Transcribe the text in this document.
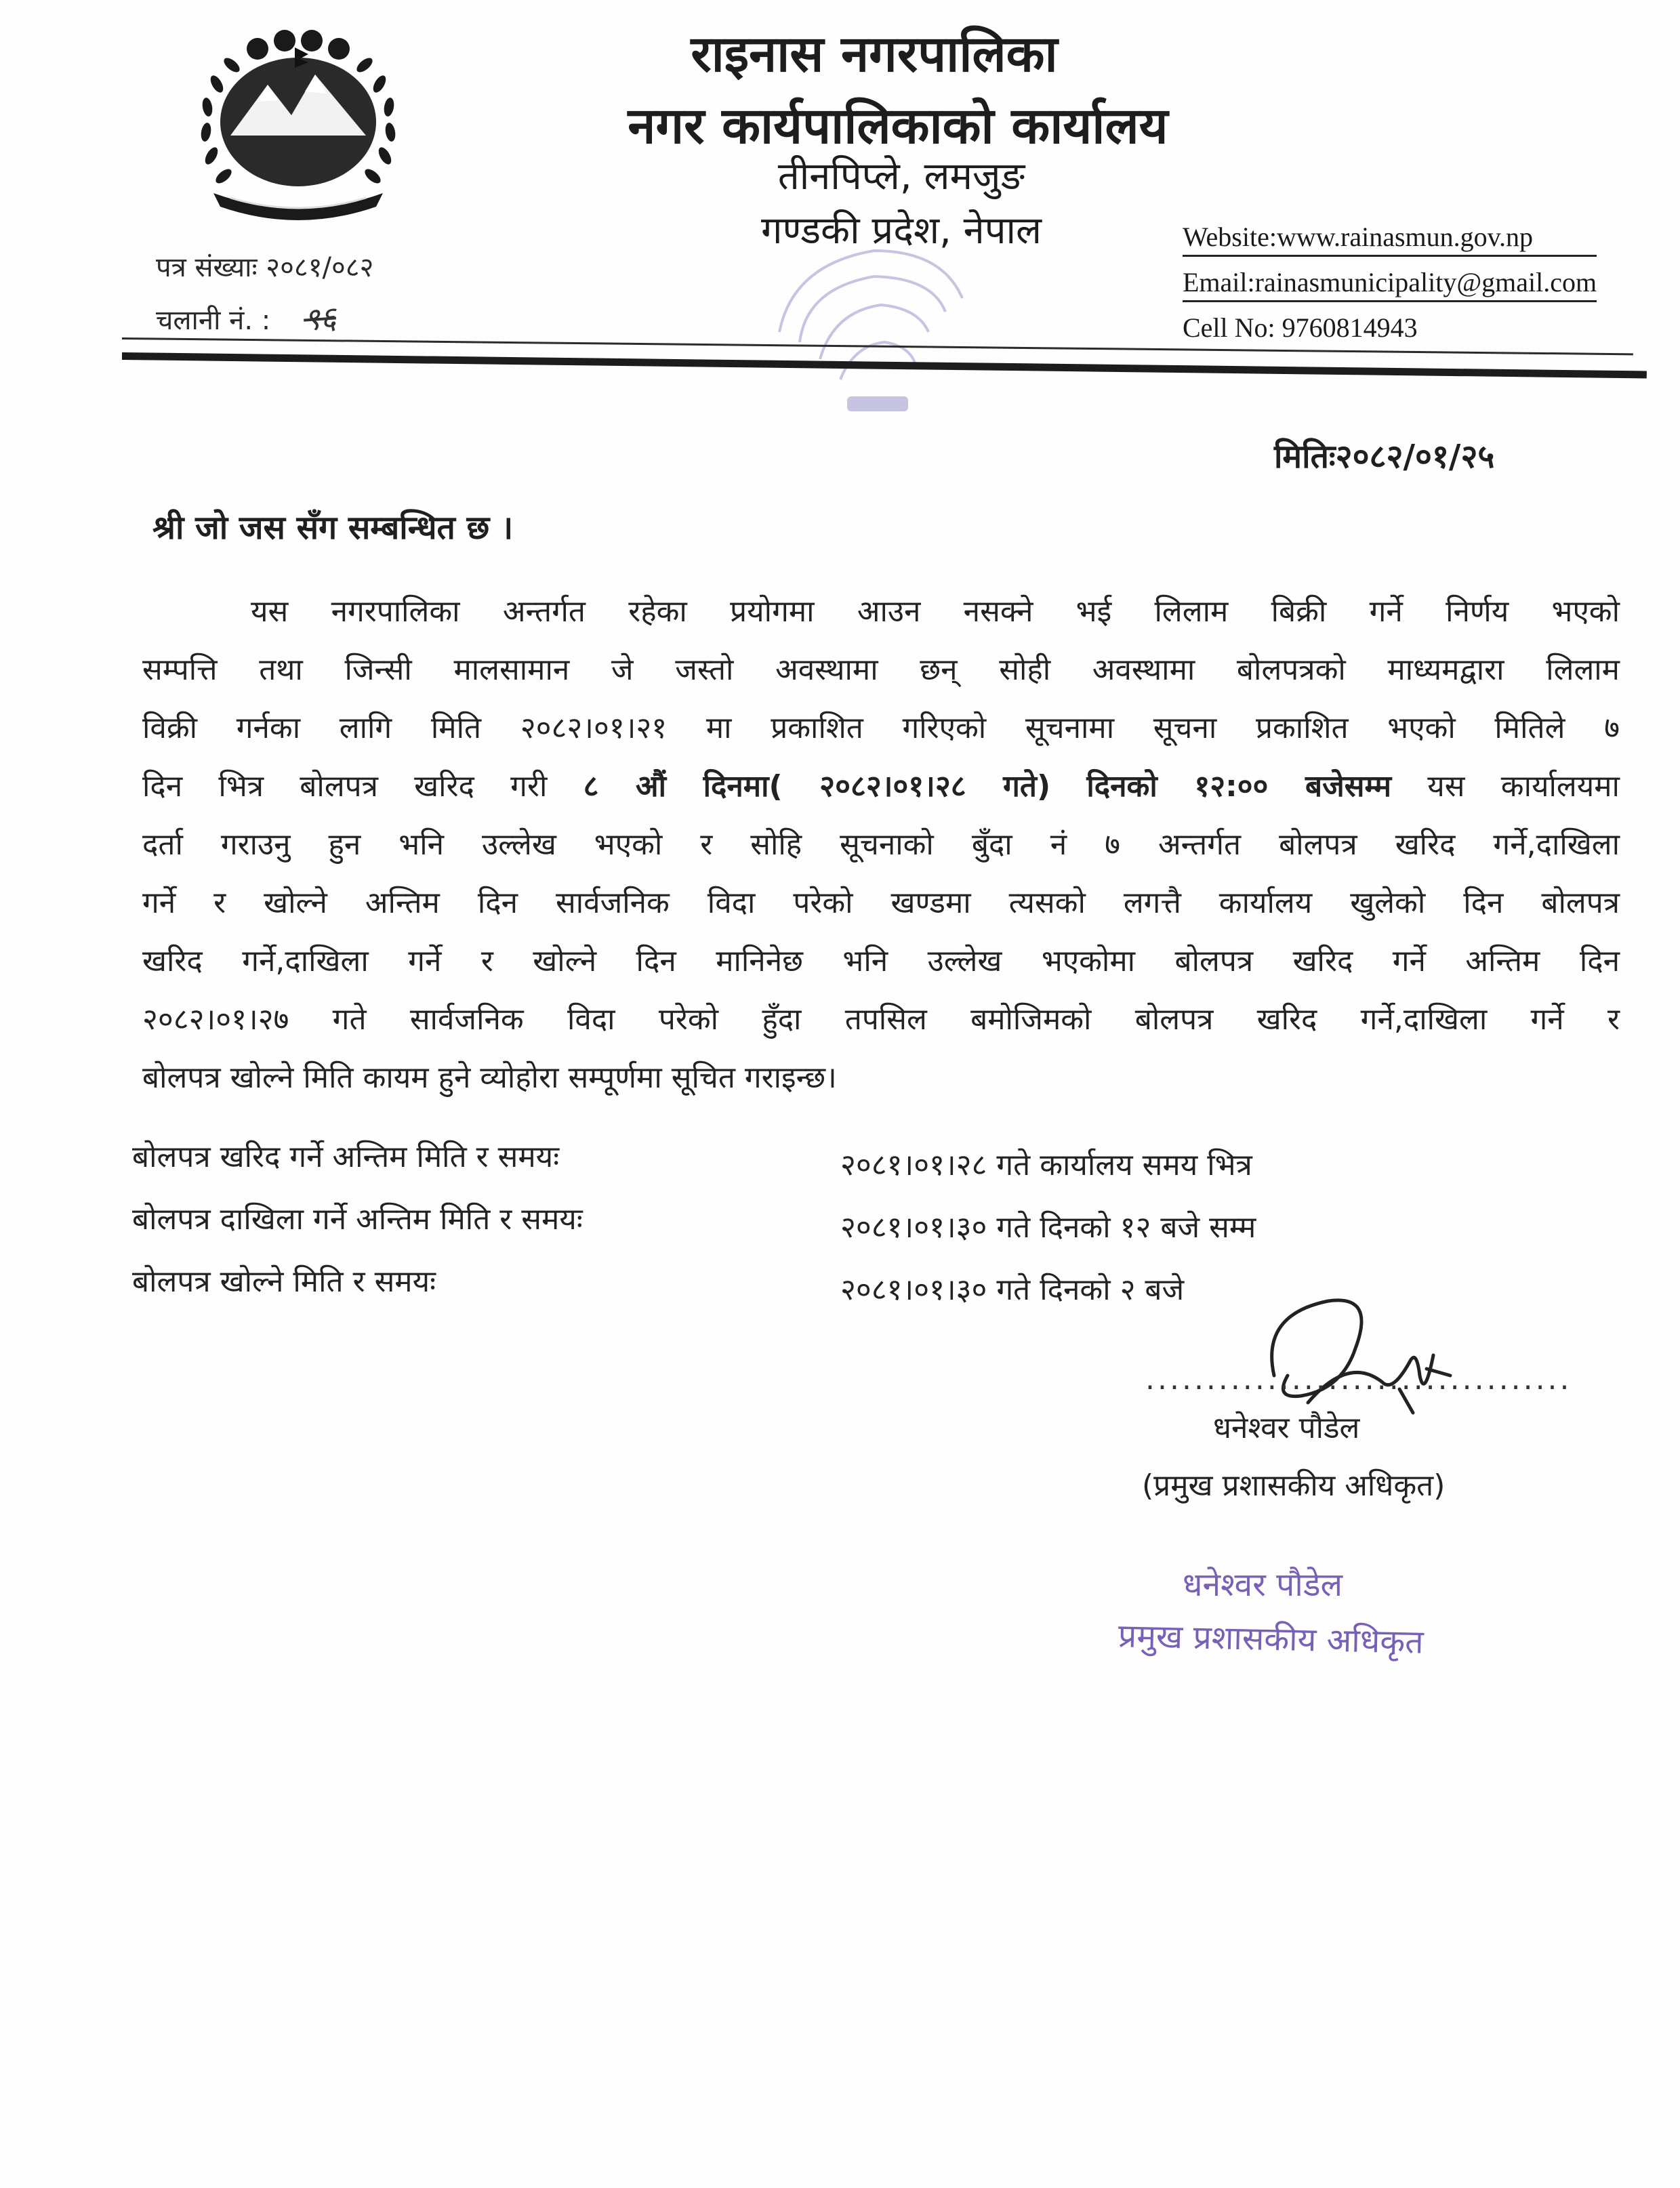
राइनास नगरपालिका
नगर कार्यपालिकाको कार्यालय
तीनपिप्ले, लमजुङ
गण्डकी प्रदेश, नेपाल	Website:www.rainasmun.gov.np
Email:rainasmunicipality@gmail.com
Cell No: 9760814943
पत्र संख्याः २०८१/०८२
चलानी नं. : ९६
मितिः२०८२/०१/२५
श्री जो जस सँग सम्बन्धित छ ।
यस नगरपालिका अन्तर्गत रहेका प्रयोगमा आउन नसक्ने भई लिलाम बिक्री गर्ने निर्णय भएको
सम्पत्ति तथा जिन्सी मालसामान जे जस्तो अवस्थामा छन् सोही अवस्थामा बोलपत्रको माध्यमद्वारा लिलाम
विक्री गर्नका लागि मिति २०८२।०१।२१ मा प्रकाशित गरिएको सूचनामा सूचना प्रकाशित भएको मितिले ७
दिन भित्र बोलपत्र खरिद गरी ८ औं दिनमा( २०८२।०१।२८ गते) दिनको १२:०० बजेसम्म यस कार्यालयमा
दर्ता गराउनु हुन भनि उल्लेख भएको र सोहि सूचनाको बुँदा नं ७ अन्तर्गत बोलपत्र खरिद गर्ने,दाखिला
गर्ने र खोल्ने अन्तिम दिन सार्वजनिक विदा परेको खण्डमा त्यसको लगत्तै कार्यालय खुलेको दिन बोलपत्र
खरिद गर्ने,दाखिला गर्ने र खोल्ने दिन मानिनेछ भनि उल्लेख भएकोमा बोलपत्र खरिद गर्ने अन्तिम दिन
२०८२।०१।२७ गते सार्वजनिक विदा परेको हुँदा तपसिल बमोजिमको बोलपत्र खरिद गर्ने,दाखिला गर्ने र
बोलपत्र खोल्ने मिति कायम हुने व्योहोरा सम्पूर्णमा सूचित गराइन्छ।
बोलपत्र खरिद गर्ने अन्तिम मिति र समयः	२०८१।०१।२८ गते कार्यालय समय भित्र
बोलपत्र दाखिला गर्ने अन्तिम मिति र समयः	२०८१।०१।३० गते दिनको १२ बजे सम्म
बोलपत्र खोल्ने मिति र समयः	२०८१।०१।३० गते दिनको २ बजे
...................................
धनेश्वर पौडेल
(प्रमुख प्रशासकीय अधिकृत)
धनेश्वर पौडेल
प्रमुख प्रशासकीय अधिकृत
